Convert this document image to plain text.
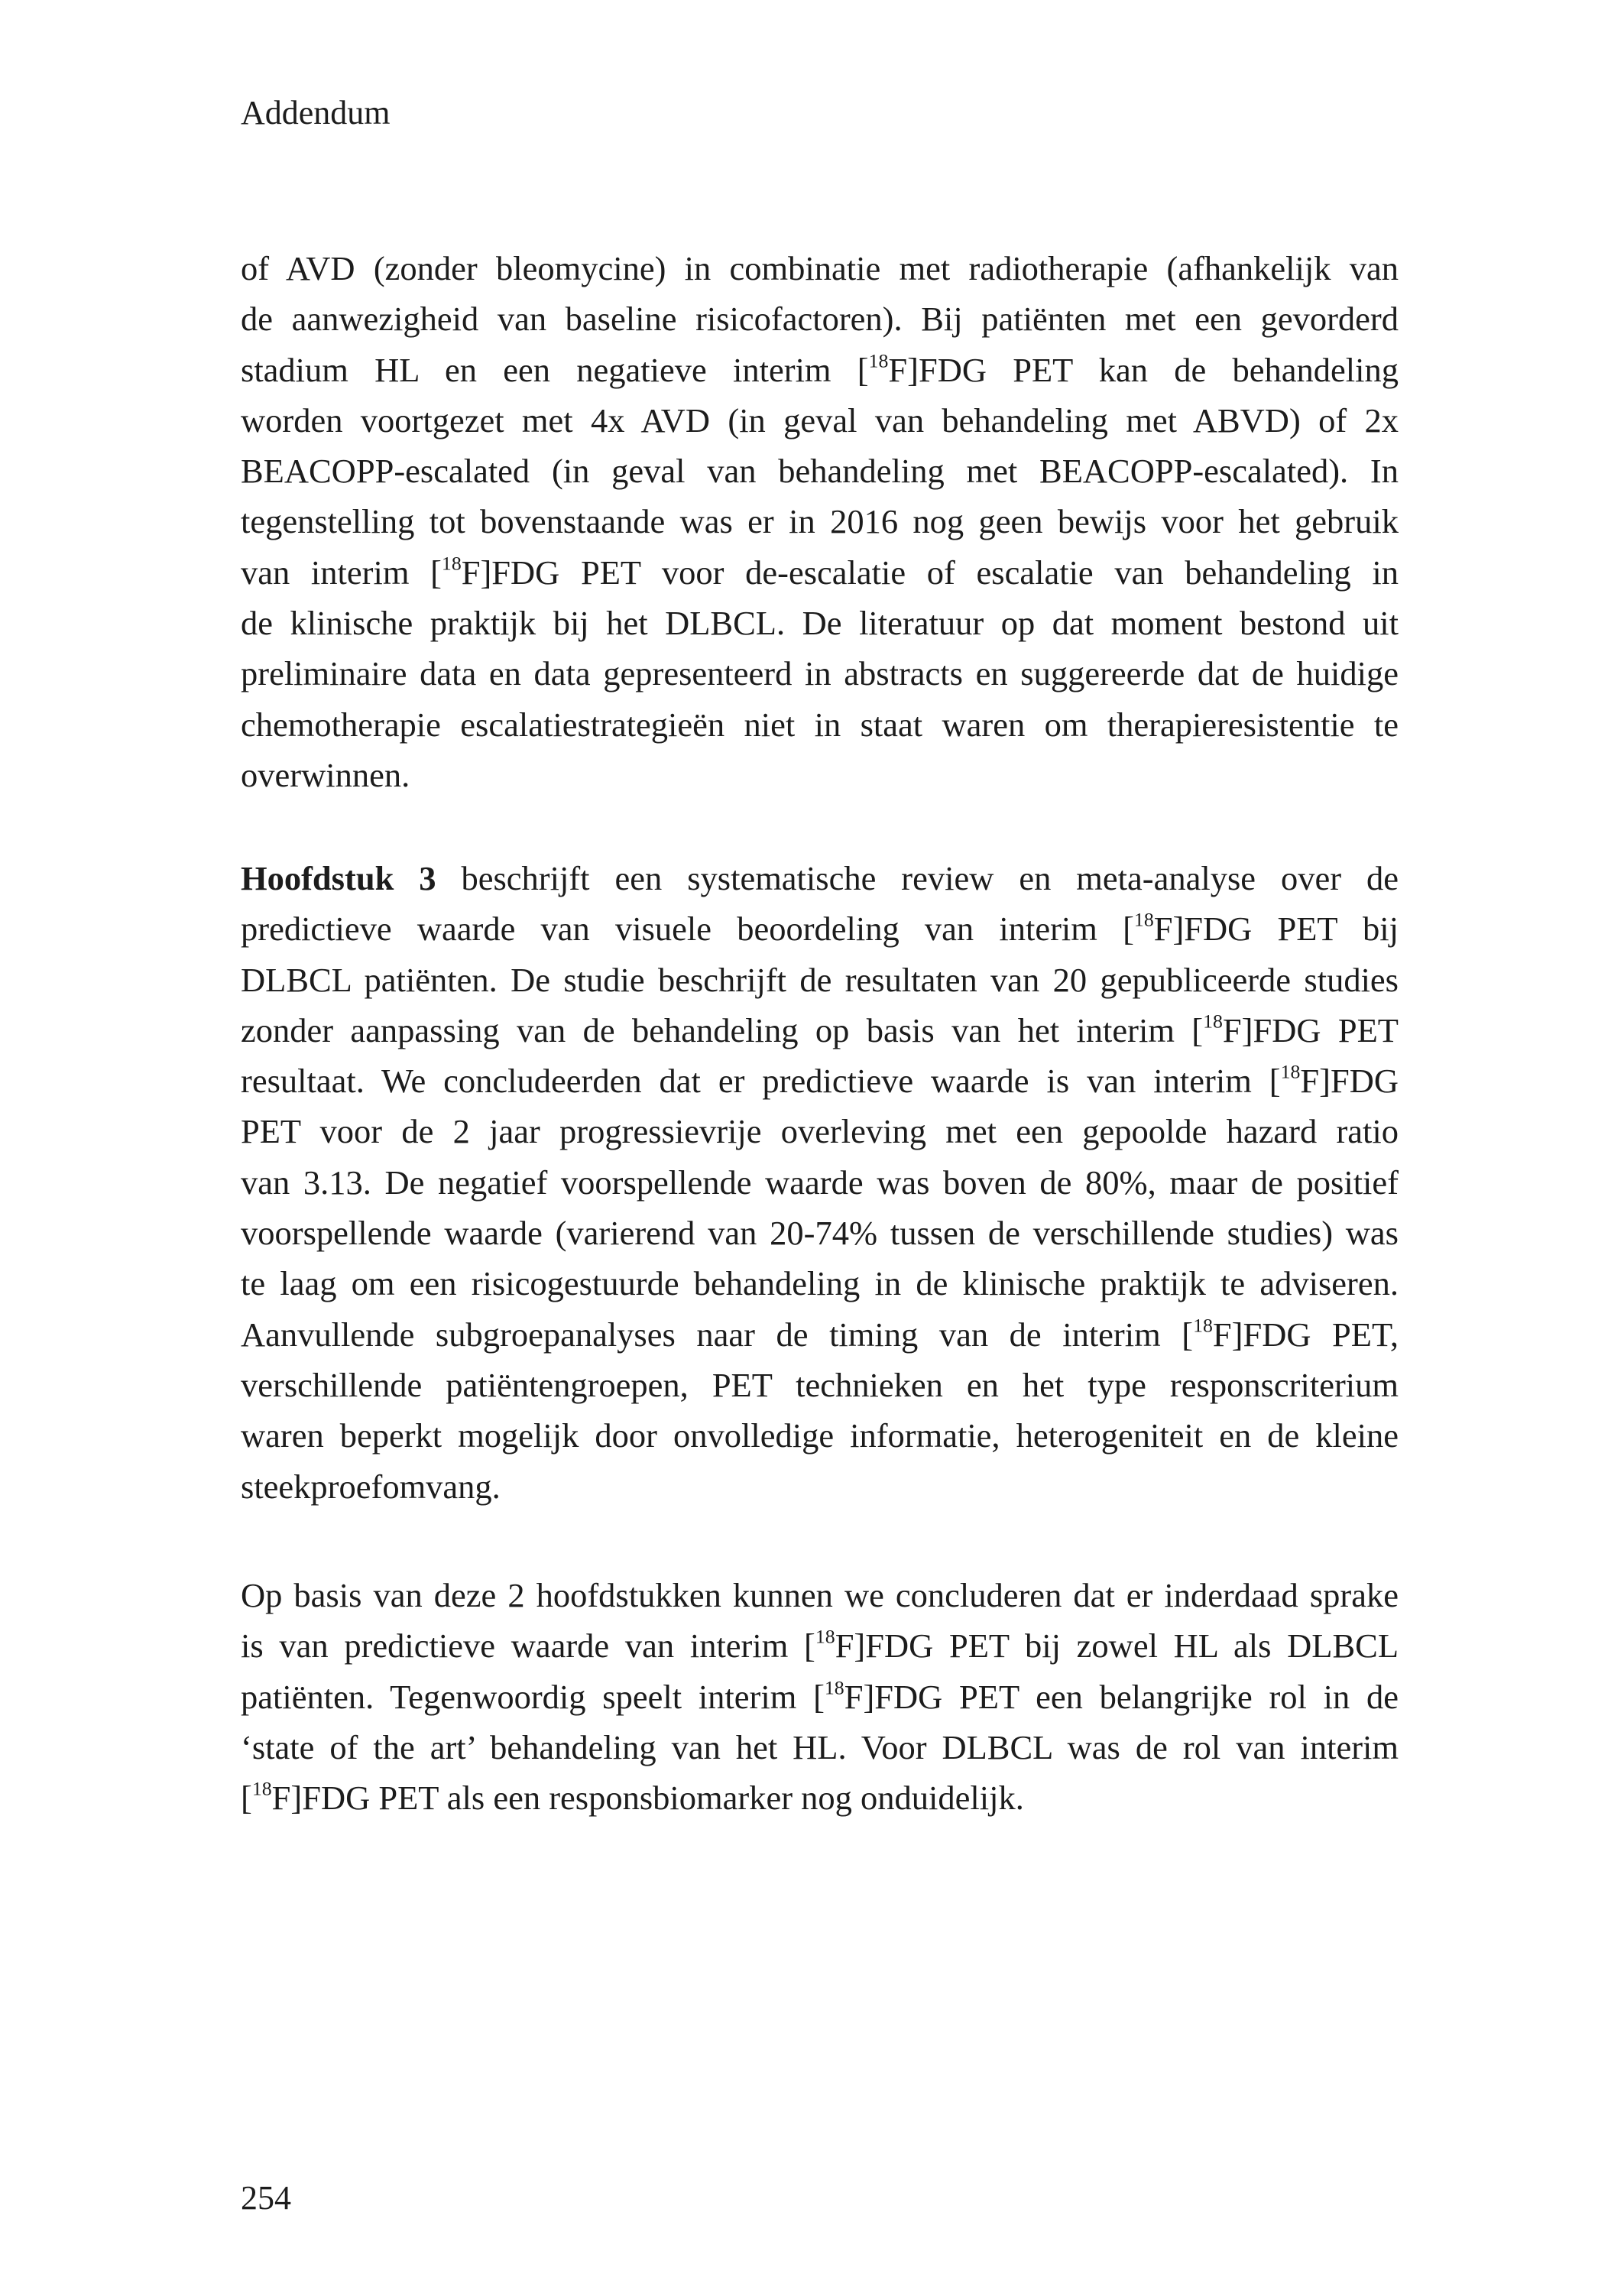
Addendum
of AVD (zonder bleomycine) in combinatie met radiotherapie (afhankelijk van
de aanwezigheid van baseline risicofactoren). Bij patiënten met een gevorderd
stadium HL en een negatieve interim [$^{18}$F]FDG PET kan de behandeling
worden voortgezet met 4x AVD (in geval van behandeling met ABVD) of 2x
BEACOPP-escalated (in geval van behandeling met BEACOPP-escalated). In
tegenstelling tot bovenstaande was er in 2016 nog geen bewijs voor het gebruik
van interim [$^{18}$F]FDG PET voor de-escalatie of escalatie van behandeling in
de klinische praktijk bij het DLBCL. De literatuur op dat moment bestond uit
preliminaire data en data gepresenteerd in abstracts en suggereerde dat de huidige
chemotherapie escalatiestrategieën niet in staat waren om therapieresistentie te
overwinnen.
Hoofdstuk 3 beschrijft een systematische review en meta-analyse over de
predictieve waarde van visuele beoordeling van interim [$^{18}$F]FDG PET bij
DLBCL patiënten. De studie beschrijft de resultaten van 20 gepubliceerde studies
zonder aanpassing van de behandeling op basis van het interim [$^{18}$F]FDG PET
resultaat. We concludeerden dat er predictieve waarde is van interim [$^{18}$F]FDG
PET voor de 2 jaar progressievrije overleving met een gepoolde hazard ratio
van 3.13. De negatief voorspellende waarde was boven de 80%, maar de positief
voorspellende waarde (varierend van 20-74% tussen de verschillende studies) was
te laag om een risicogestuurde behandeling in de klinische praktijk te adviseren.
Aanvullende subgroepanalyses naar de timing van de interim [$^{18}$F]FDG PET,
verschillende patiëntengroepen, PET technieken en het type responscriterium
waren beperkt mogelijk door onvolledige informatie, heterogeniteit en de kleine
steekproefomvang.
Op basis van deze 2 hoofdstukken kunnen we concluderen dat er inderdaad sprake
is van predictieve waarde van interim [$^{18}$F]FDG PET bij zowel HL als DLBCL
patiënten. Tegenwoordig speelt interim [$^{18}$F]FDG PET een belangrijke rol in de
‘state of the art’ behandeling van het HL. Voor DLBCL was de rol van interim
[$^{18}$F]FDG PET als een responsbiomarker nog onduidelijk.
254
